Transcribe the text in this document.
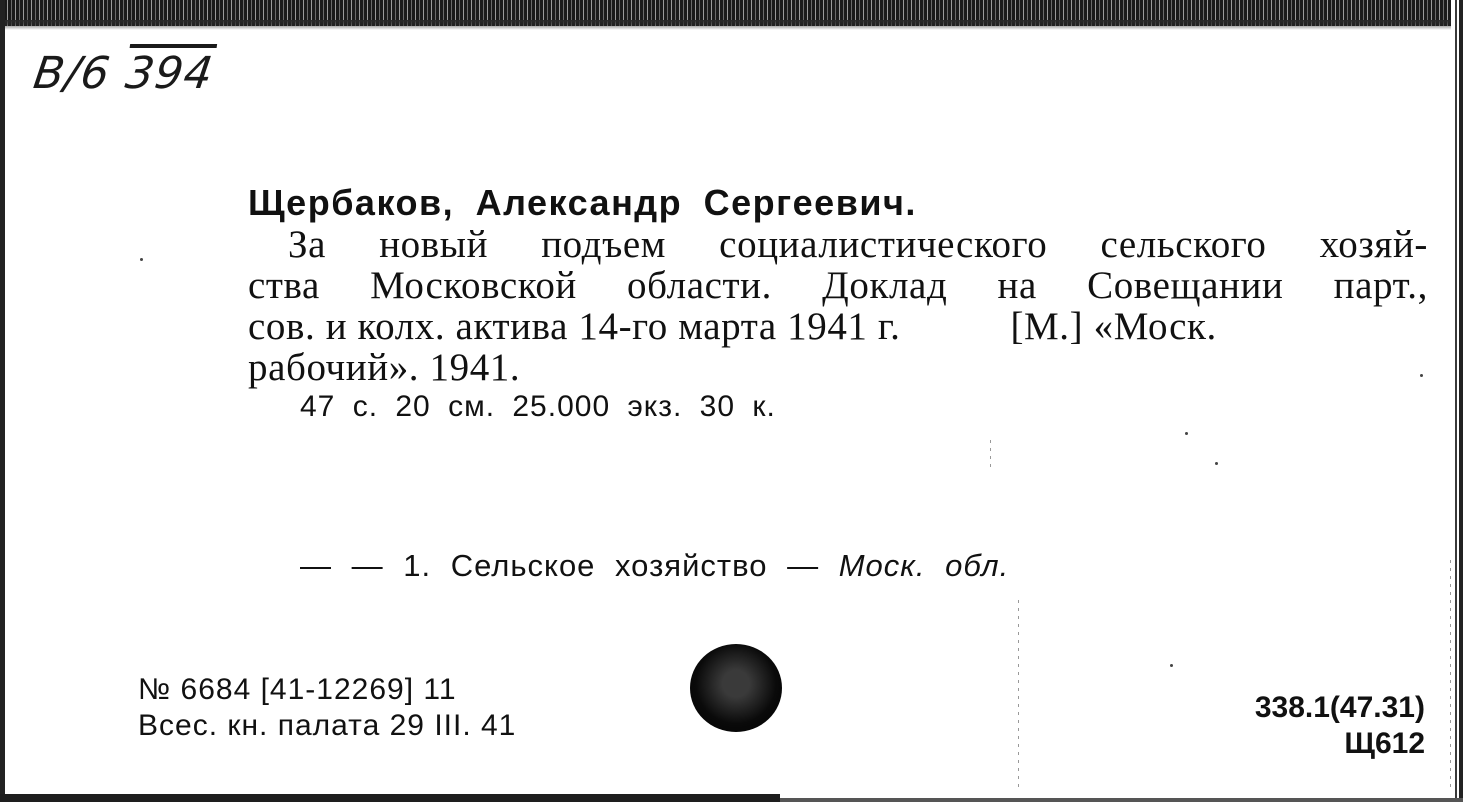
B/6 394
Щербаков, Александр Сергеевич.
За новый подъем социалистического сельского хозяй-
ства Московской области. Доклад на Совещании парт.,
сов. и колх. актива 14-го марта 1941 г.	[М.] «Моск.
рабочий». 1941.
47 с. 20 см. 25.000 экз. 30 к.
— — 1. Сельское хозяйство — Моск. обл.
№ 6684 [41-12269] 11
Всес. кн. палата 29 III. 41
338.1(47.31)
Щ612
